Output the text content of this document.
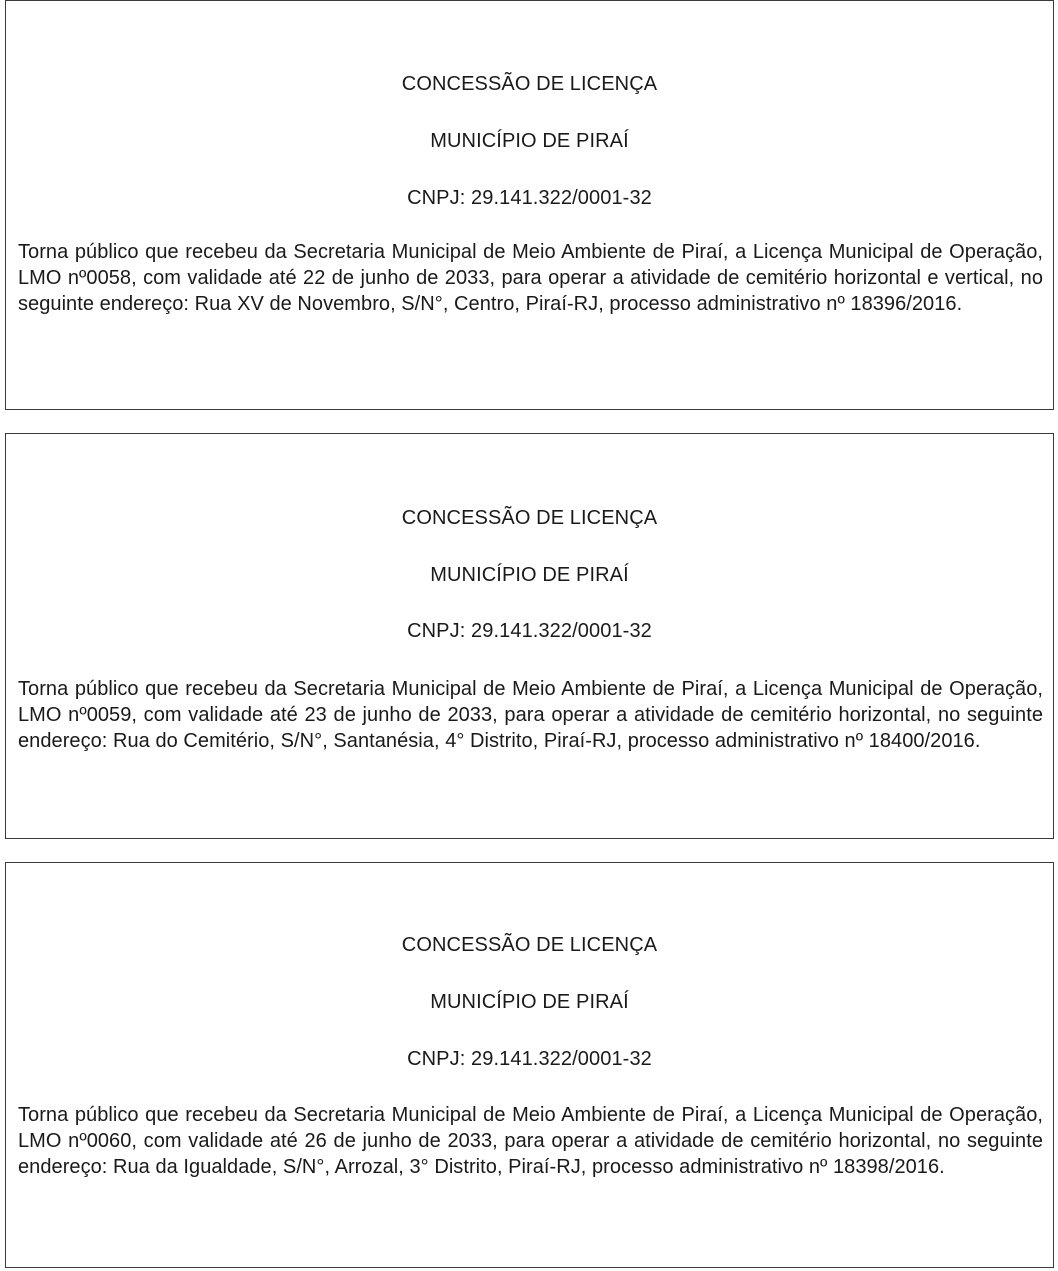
CONCESSÃO DE LICENÇA
MUNICÍPIO DE PIRAÍ
CNPJ: 29.141.322/0001-32

Torna público que recebeu da Secretaria Municipal de Meio Ambiente de Piraí, a Licença Municipal de Operação, LMO nº0058, com validade até 22 de junho de 2033, para operar a atividade de cemitério horizontal e vertical, no seguinte endereço: Rua XV de Novembro, S/N°, Centro, Piraí-RJ, processo administrativo nº 18396/2016.

CONCESSÃO DE LICENÇA
MUNICÍPIO DE PIRAÍ
CNPJ: 29.141.322/0001-32

Torna público que recebeu da Secretaria Municipal de Meio Ambiente de Piraí, a Licença Municipal de Operação, LMO nº0059, com validade até 23 de junho de 2033, para operar a atividade de cemitério horizontal, no seguinte endereço: Rua do Cemitério, S/N°, Santanésia, 4° Distrito, Piraí-RJ, processo administrativo nº 18400/2016.

CONCESSÃO DE LICENÇA
MUNICÍPIO DE PIRAÍ
CNPJ: 29.141.322/0001-32

Torna público que recebeu da Secretaria Municipal de Meio Ambiente de Piraí, a Licença Municipal de Operação, LMO nº0060, com validade até 26 de junho de 2033, para operar a atividade de cemitério horizontal, no seguinte endereço: Rua da Igualdade, S/N°, Arrozal, 3° Distrito, Piraí-RJ, processo administrativo nº 18398/2016.
